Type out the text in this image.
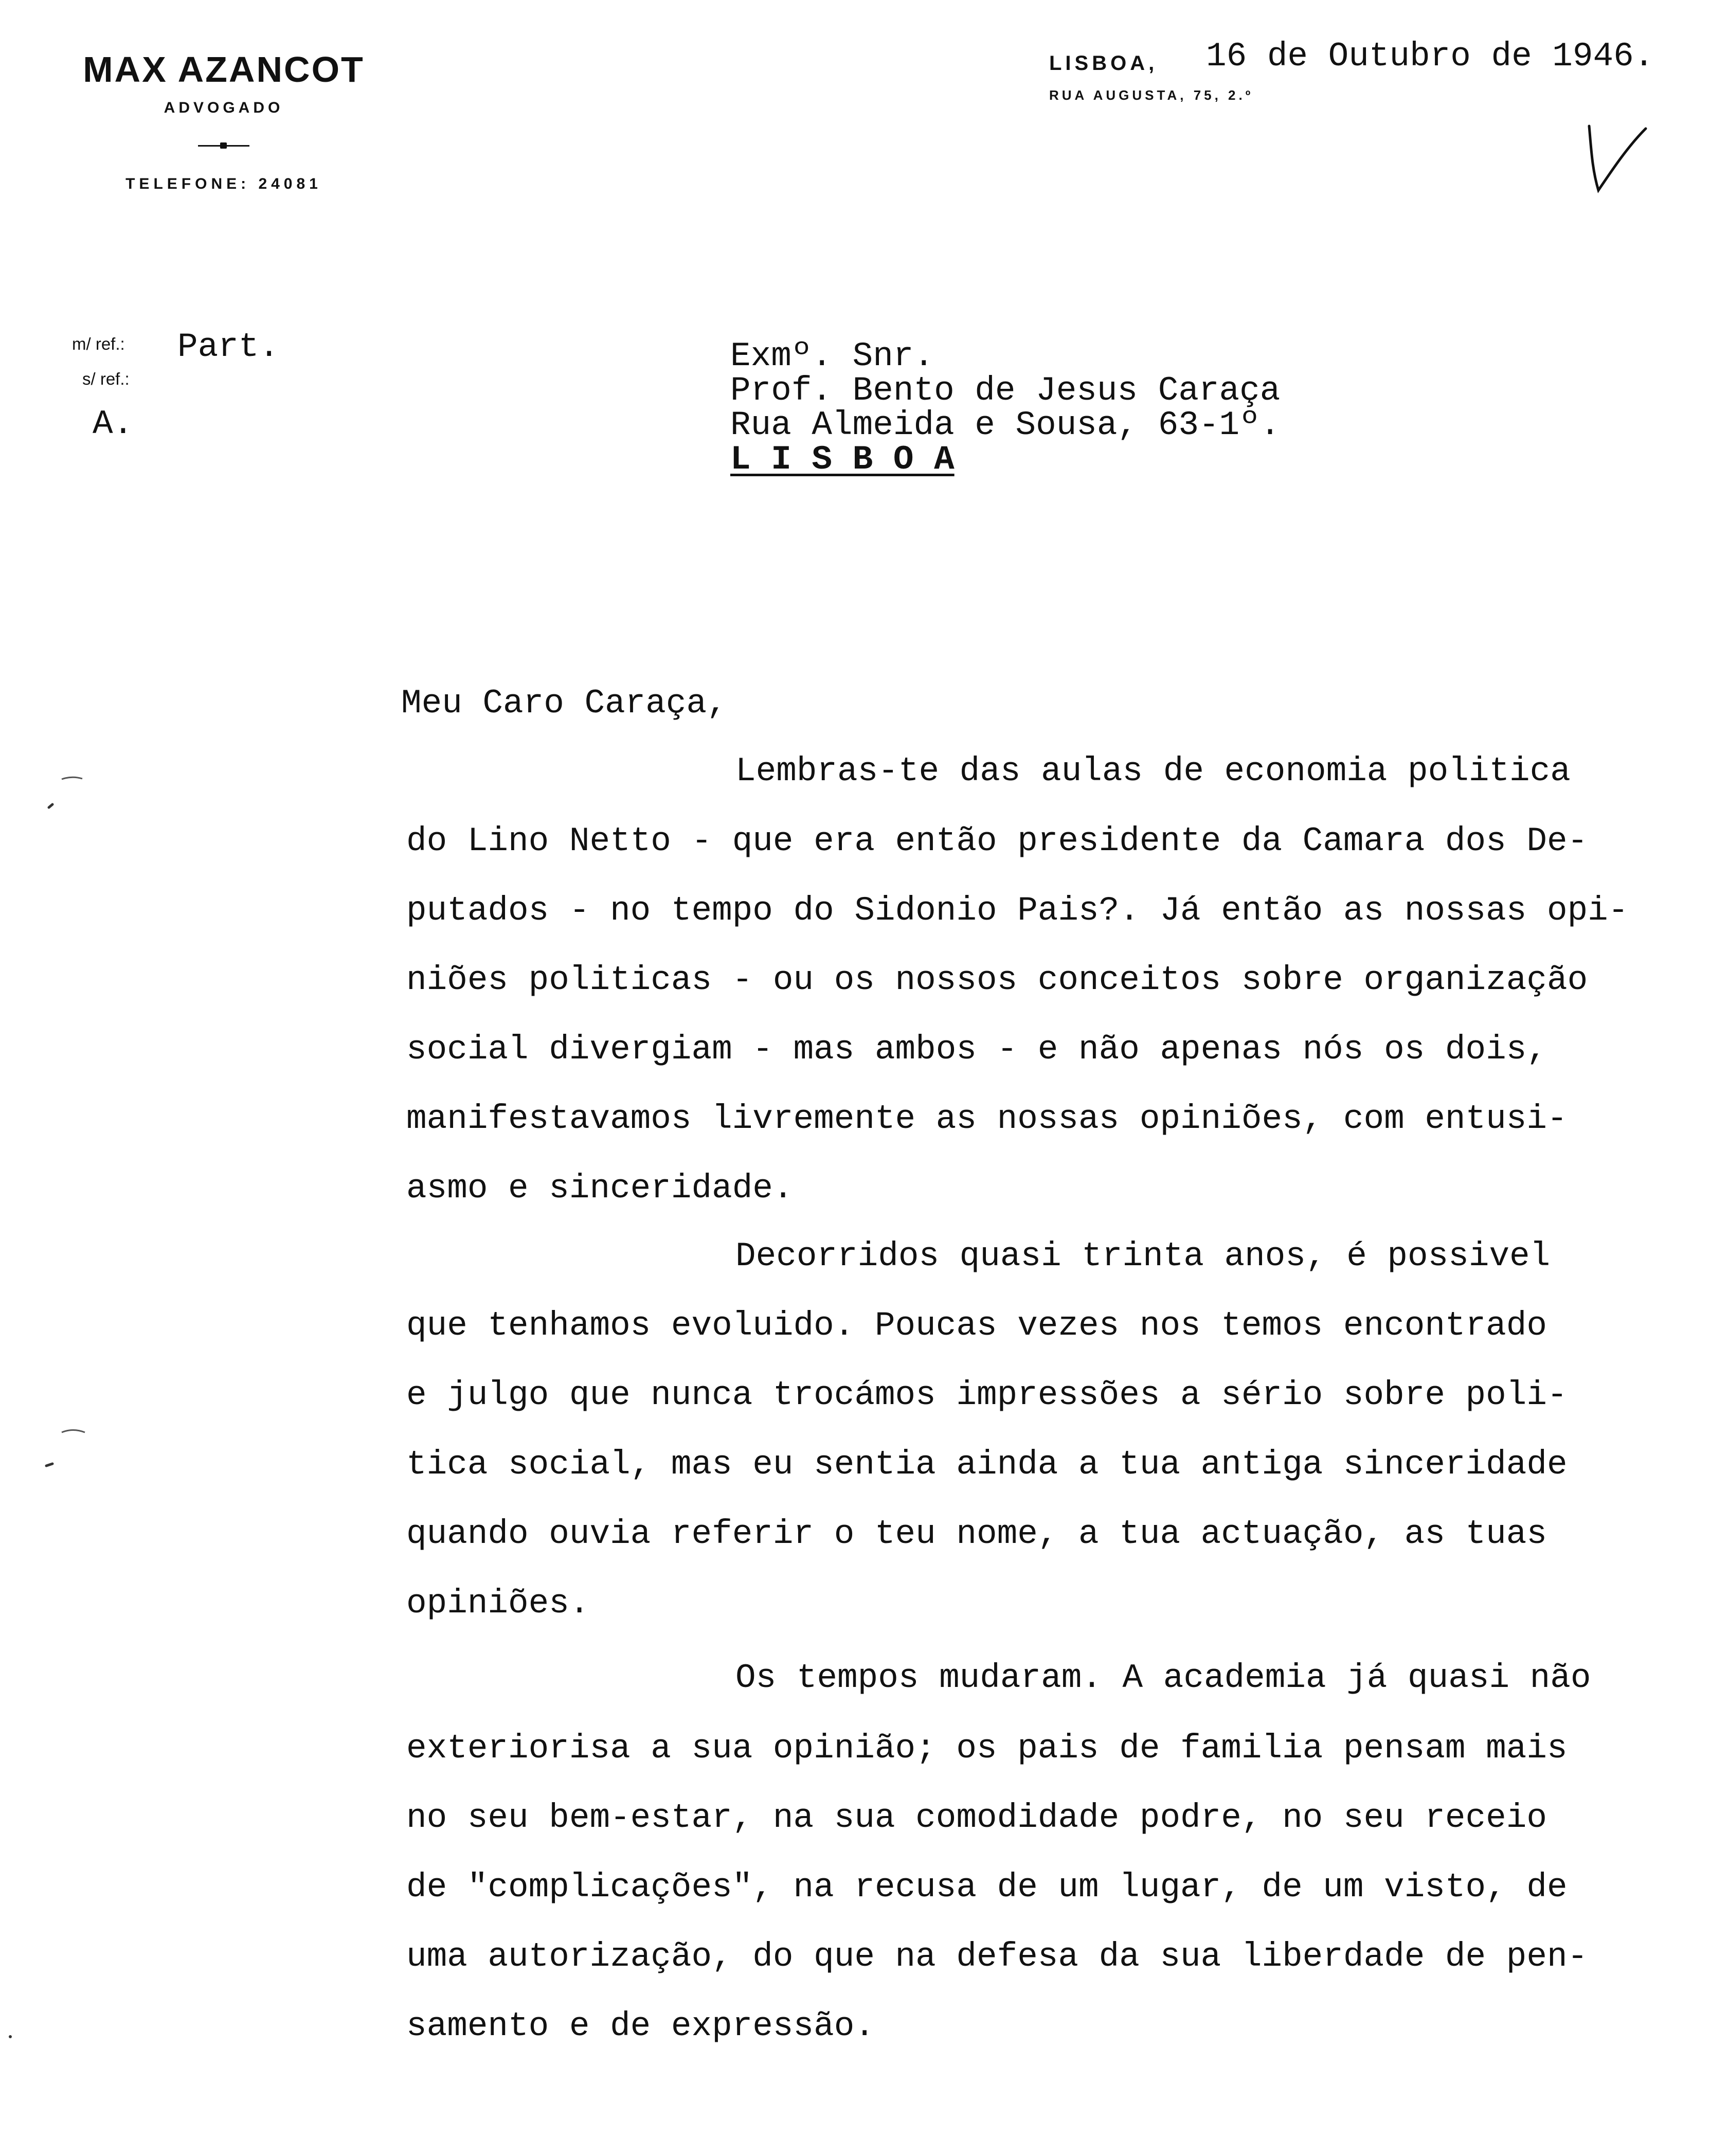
MAX AZANCOT
ADVOGADO
TELEFONE: 24081
LISBOA, 16 de Outubro de 1946.
RUA AUGUSTA, 75, 2.º
m/ ref.: Part.
s/ ref.:
A.
Exmº. Snr.
Prof. Bento de Jesus Caraça
Rua Almeida e Sousa, 63-1º.
L I S B O A
Meu Caro Caraça,
Lembras-te das aulas de economia politica
do Lino Netto - que era então presidente da Camara dos De-
putados - no tempo do Sidonio Pais?. Já então as nossas opi-
niões politicas - ou os nossos conceitos sobre organização
social divergiam - mas ambos - e não apenas nós os dois,
manifestavamos livremente as nossas opiniões, com entusi-
asmo e sinceridade.
Decorridos quasi trinta anos, é possivel
que tenhamos evoluido. Poucas vezes nos temos encontrado
e julgo que nunca trocámos impressões a sério sobre poli-
tica social, mas eu sentia ainda a tua antiga sinceridade
quando ouvia referir o teu nome, a tua actuação, as tuas
opiniões.
Os tempos mudaram. A academia já quasi não
exteriorisa a sua opinião; os pais de familia pensam mais
no seu bem-estar, na sua comodidade podre, no seu receio
de "complicações", na recusa de um lugar, de um visto, de
uma autorização, do que na defesa da sua liberdade de pen-
samento e de expressão.
